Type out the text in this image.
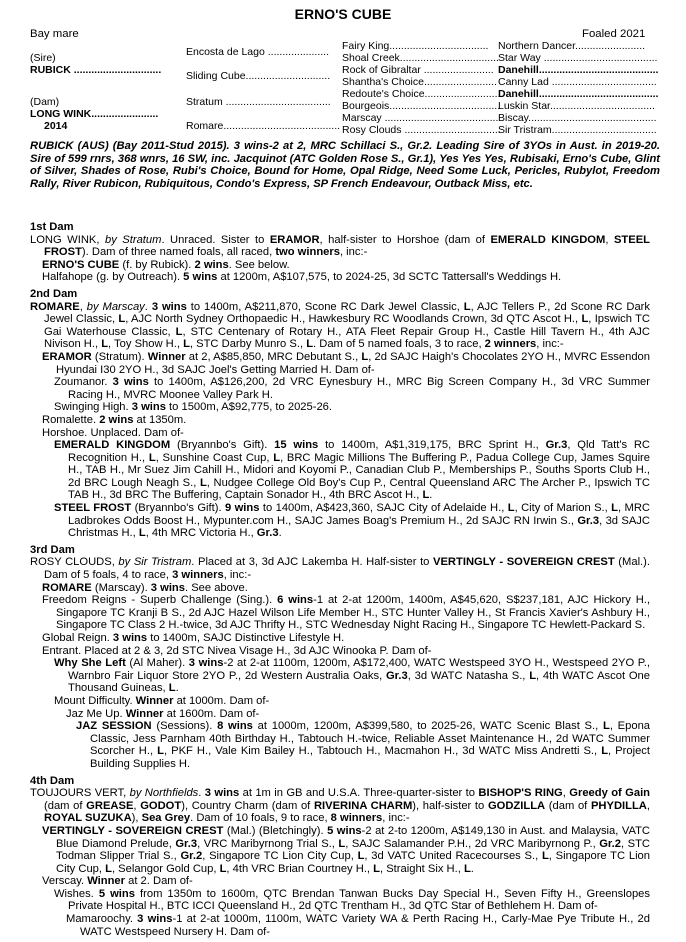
ERNO'S CUBE
Bay mare	Foaled 2021
(Sire)
RUBICK ..............................
(Dam)
LONG WINK.......................
2014
Encosta de Lago .....................
Sliding Cube.............................
Stratum ....................................
Romare........................................
Fairy King..................................
Shoal Creek..................................
Rock of Gibraltar ........................
Shantha's Choice.........................
Redoute's Choice..........................
Bourgeois......................................
Marscay .......................................
Rosy Clouds .................................
Northern Dancer........................
Star Way .......................................
Danehill.........................................
Canny Lad ....................................
Danehill.........................................
Luskin Star....................................
Biscay............................................
Sir Tristram....................................
RUBICK (AUS) (Bay 2011-Stud 2015). 3 wins-2 at 2, MRC Schillaci S., Gr.2. Leading Sire of 3YOs in Aust. in 2019-20. Sire of 599 rnrs, 368 wnrs, 16 SW, inc. Jacquinot (ATC Golden Rose S., Gr.1), Yes Yes Yes, Rubisaki, Erno's Cube, Glint of Silver, Shades of Rose, Rubi's Choice, Bound for Home, Opal Ridge, Need Some Luck, Pericles, Rubylot, Freedom Rally, River Rubicon, Rubiquitous, Condo's Express, SP French Endeavour, Outback Miss, etc.
1st Dam
LONG WINK, by Stratum. Unraced. Sister to ERAMOR, half-sister to Horshoe (dam of EMERALD KINGDOM, STEEL FROST). Dam of three named foals, all raced, two winners, inc:-
ERNO'S CUBE (f. by Rubick). 2 wins. See below.
Halfahope (g. by Outreach). 5 wins at 1200m, A$107,575, to 2024-25, 3d SCTC Tattersall's Weddings H.
2nd Dam
ROMARE, by Marscay. 3 wins to 1400m, A$211,870, Scone RC Dark Jewel Classic, L, AJC Tellers P., 2d Scone RC Dark Jewel Classic, L, AJC North Sydney Orthopaedic H., Hawkesbury RC Woodlands Crown, 3d QTC Ascot H., L, Ipswich TC Gai Waterhouse Classic, L, STC Centenary of Rotary H., ATA Fleet Repair Group H., Castle Hill Tavern H., 4th AJC Nivison H., L, Toy Show H., L, STC Darby Munro S., L. Dam of 5 named foals, 3 to race, 2 winners, inc:-
ERAMOR (Stratum). Winner at 2, A$85,850, MRC Debutant S., L, 2d SAJC Haigh's Chocolates 2YO H., MVRC Essendon Hyundai I30 2YO H., 3d SAJC Joel's Getting Married H. Dam of-
Zoumanor. 3 wins to 1400m, A$126,200, 2d VRC Eynesbury H., MRC Big Screen Company H., 3d VRC Summer Racing H., MVRC Moonee Valley Park H.
Swinging High. 3 wins to 1500m, A$92,775, to 2025-26.
Romalette. 2 wins at 1350m.
Horshoe. Unplaced. Dam of-
EMERALD KINGDOM (Bryannbo's Gift). 15 wins to 1400m, A$1,319,175, BRC Sprint H., Gr.3, Qld Tatt's RC Recognition H., L, Sunshine Coast Cup, L, BRC Magic Millions The Buffering P., Padua College Cup, James Squire H., TAB H., Mr Suez Jim Cahill H., Midori and Koyomi P., Canadian Club P., Memberships P., Souths Sports Club H., 2d BRC Lough Neagh S., L, Nudgee College Old Boy's Cup P., Central Queensland ARC The Archer P., Ipswich TC TAB H., 3d BRC The Buffering, Captain Sonador H., 4th BRC Ascot H., L.
STEEL FROST (Bryannbo's Gift). 9 wins to 1400m, A$423,360, SAJC City of Adelaide H., L, City of Marion S., L, MRC Ladbrokes Odds Boost H., Mypunter.com H., SAJC James Boag's Premium H., 2d SAJC RN Irwin S., Gr.3, 3d SAJC Christmas H., L, 4th MRC Victoria H., Gr.3.
3rd Dam
ROSY CLOUDS, by Sir Tristram. Placed at 3, 3d AJC Lakemba H. Half-sister to VERTINGLY - SOVEREIGN CREST (Mal.). Dam of 5 foals, 4 to race, 3 winners, inc:-
ROMARE (Marscay). 3 wins. See above.
Freedom Reigns - Superb Challenge (Sing.). 6 wins-1 at 2-at 1200m, 1400m, A$45,620, S$237,181, AJC Hickory H., Singapore TC Kranji B S., 2d AJC Hazel Wilson Life Member H., STC Hunter Valley H., St Francis Xavier's Ashbury H., Singapore TC Class 2 H.-twice, 3d AJC Thrifty H., STC Wednesday Night Racing H., Singapore TC Hewlett-Packard S.
Global Reign. 3 wins to 1400m, SAJC Distinctive Lifestyle H.
Entrant. Placed at 2 & 3, 2d STC Nivea Visage H., 3d AJC Winooka P. Dam of-
Why She Left (Al Maher). 3 wins-2 at 2-at 1100m, 1200m, A$172,400, WATC Westspeed 3YO H., Westspeed 2YO P., Warnbro Fair Liquor Store 2YO P., 2d Western Australia Oaks, Gr.3, 3d WATC Natasha S., L, 4th WATC Ascot One Thousand Guineas, L.
Mount Difficulty. Winner at 1000m. Dam of-
Jaz Me Up. Winner at 1600m. Dam of-
JAZ SESSION (Sessions). 8 wins at 1000m, 1200m, A$399,580, to 2025-26, WATC Scenic Blast S., L, Epona Classic, Jess Parnham 40th Birthday H., Tabtouch H.-twice, Reliable Asset Maintenance H., 2d WATC Summer Scorcher H., L, PKF H., Vale Kim Bailey H., Tabtouch H., Macmahon H., 3d WATC Miss Andretti S., L, Project Building Supplies H.
4th Dam
TOUJOURS VERT, by Northfields. 3 wins at 1m in GB and U.S.A. Three-quarter-sister to BISHOP'S RING, Greedy of Gain (dam of GREASE, GODOT), Country Charm (dam of RIVERINA CHARM), half-sister to GODZILLA (dam of PHYDILLA, ROYAL SUZUKA), Sea Grey. Dam of 10 foals, 9 to race, 8 winners, inc:-
VERTINGLY - SOVEREIGN CREST (Mal.) (Bletchingly). 5 wins-2 at 2-to 1200m, A$149,130 in Aust. and Malaysia, VATC Blue Diamond Prelude, Gr.3, VRC Maribyrnong Trial S., L, SAJC Salamander P.H., 2d VRC Maribyrnong P., Gr.2, STC Todman Slipper Trial S., Gr.2, Singapore TC Lion City Cup, L, 3d VATC United Racecourses S., L, Singapore TC Lion City Cup, L, Selangor Gold Cup, L, 4th VRC Brian Courtney H., L, Straight Six H., L.
Verscay. Winner at 2. Dam of-
Wishes. 5 wins from 1350m to 1600m, QTC Brendan Tanwan Bucks Day Special H., Seven Fifty H., Greenslopes Private Hospital H., BTC ICCI Queensland H., 2d QTC Trentham H., 3d QTC Star of Bethlehem H. Dam of-
Mamaroochy. 3 wins-1 at 2-at 1000m, 1100m, WATC Variety WA & Perth Racing H., Carly-Mae Pye Tribute H., 2d WATC Westspeed Nursery H. Dam of-
